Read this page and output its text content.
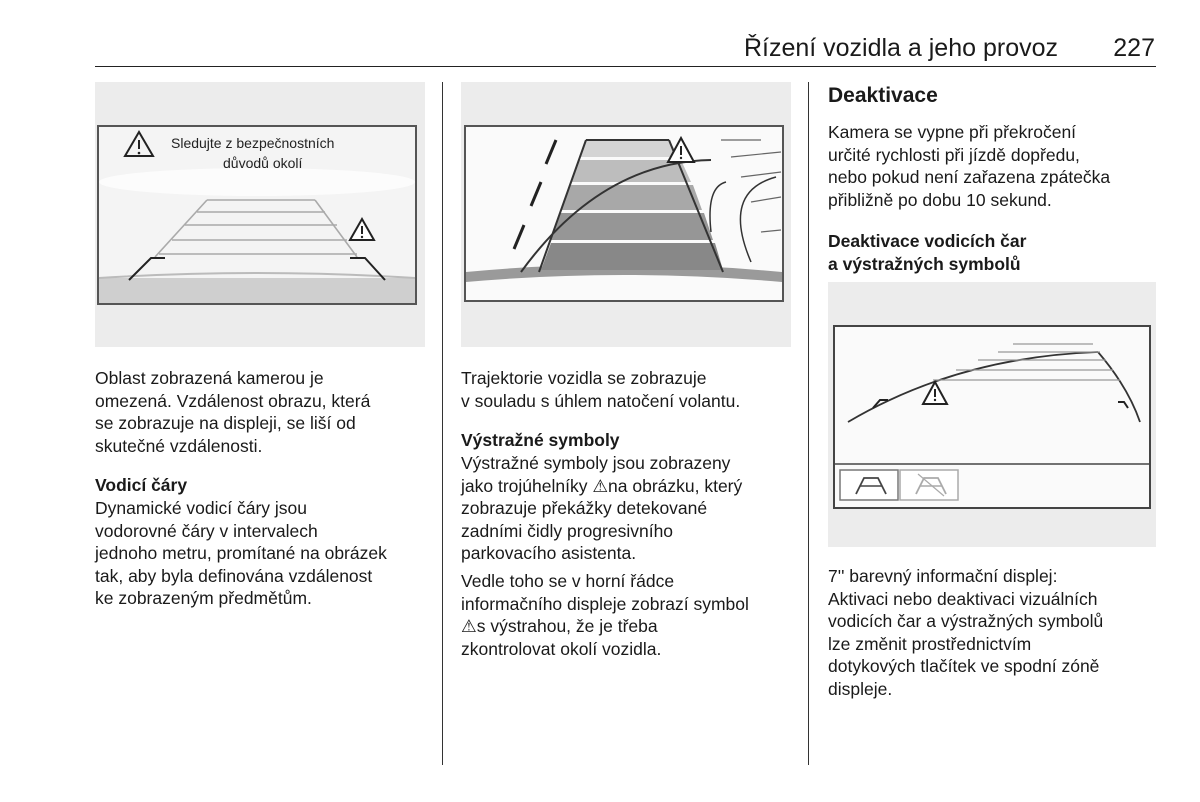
Řízení vozidla a jeho provoz 227
Sledujte z bezpečnostních
důvodů okolí
Oblast zobrazená kamerou je
omezená. Vzdálenost obrazu, která
se zobrazuje na displeji, se liší od
skutečné vzdálenosti.
Vodicí čáry
Dynamické vodicí čáry jsou
vodorovné čáry v intervalech
jednoho metru, promítané na obrázek
tak, aby byla definována vzdálenost
ke zobrazeným předmětům.
Trajektorie vozidla se zobrazuje
v souladu s úhlem natočení volantu.
Výstražné symboly
Výstražné symboly jsou zobrazeny
jako trojúhelníky ⚠na obrázku, který
zobrazuje překážky detekované
zadními čidly progresivního
parkovacího asistenta.
Vedle toho se v horní řádce
informačního displeje zobrazí symbol
⚠s výstrahou, že je třeba
zkontrolovat okolí vozidla.
Deaktivace
Kamera se vypne při překročení
určité rychlosti při jízdě dopředu,
nebo pokud není zařazena zpátečka
přibližně po dobu 10 sekund.
Deaktivace vodicích čar
a výstražných symbolů
7'' barevný informační displej:
Aktivaci nebo deaktivaci vizuálních
vodicích čar a výstražných symbolů
lze změnit prostřednictvím
dotykových tlačítek ve spodní zóně
displeje.
